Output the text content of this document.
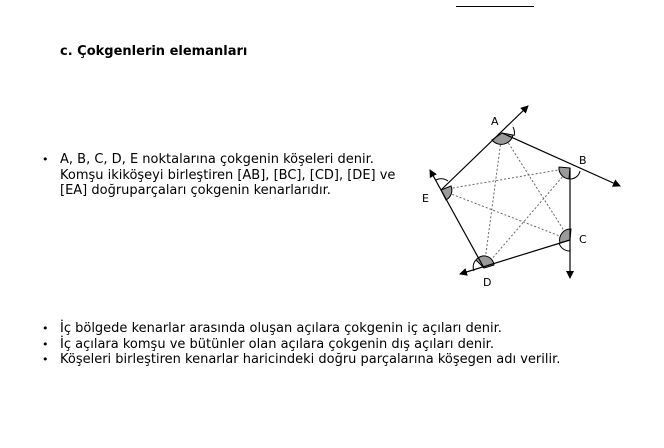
c. Çokgenlerin elemanları
• A, B, C, D, E noktalarına çokgenin köşeleri denir. Komşu ikiköşeyi birleştiren [AB], [BC], [CD], [DE] ve [EA] doğruparçaları çokgenin kenarlarıdır.
A
B
C
D
E
• İç bölgede kenarlar arasında oluşan açılara çokgenin iç açıları denir.
• İç açılara komşu ve bütünler olan açılara çokgenin dış açıları denir.
• Köşeleri birleştiren kenarlar haricindeki doğru parçalarına köşegen adı verilir.
